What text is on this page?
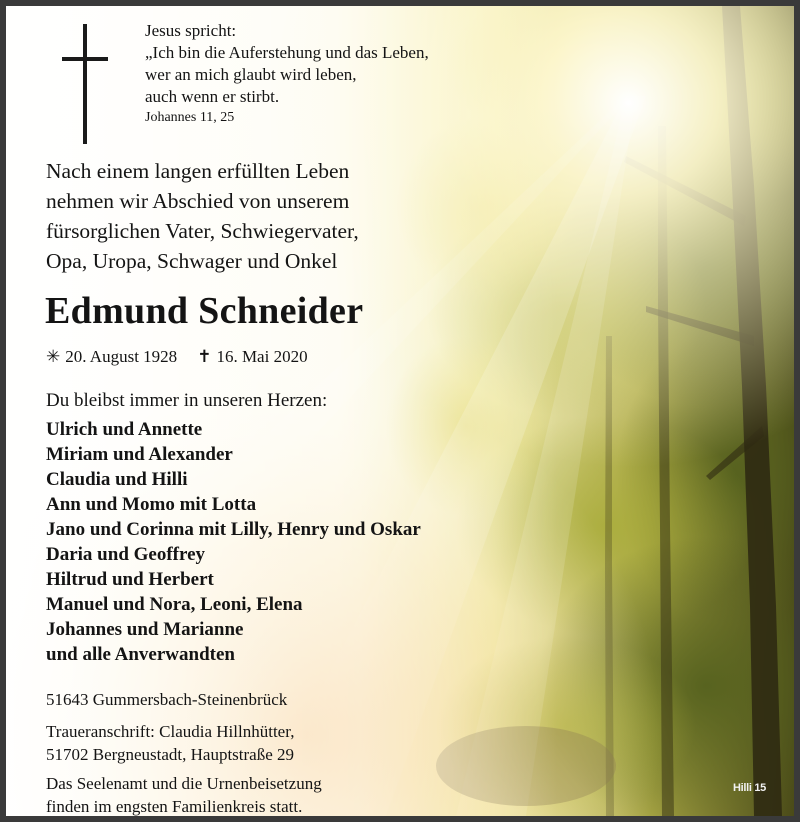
Jesus spricht:
„Ich bin die Auferstehung und das Leben,
wer an mich glaubt wird leben,
auch wenn er stirbt.
Johannes 11, 25
Nach einem langen erfüllten Leben
nehmen wir Abschied von unserem
fürsorglichen Vater, Schwiegervater,
Opa, Uropa, Schwager und Onkel
Edmund Schneider
✳ 20. August 1928 ✝ 16. Mai 2020
Du bleibst immer in unseren Herzen:
Ulrich und Annette
Miriam und Alexander
Claudia und Hilli
Ann und Momo mit Lotta
Jano und Corinna mit Lilly, Henry und Oskar
Daria und Geoffrey
Hiltrud und Herbert
Manuel und Nora, Leoni, Elena
Johannes und Marianne
und alle Anverwandten
51643 Gummersbach-Steinenbrück
Traueranschrift: Claudia Hillnhütter,
51702 Bergneustadt, Hauptstraße 29
Das Seelenamt und die Urnenbeisetzung
finden im engsten Familienkreis statt.
Hilli 15
